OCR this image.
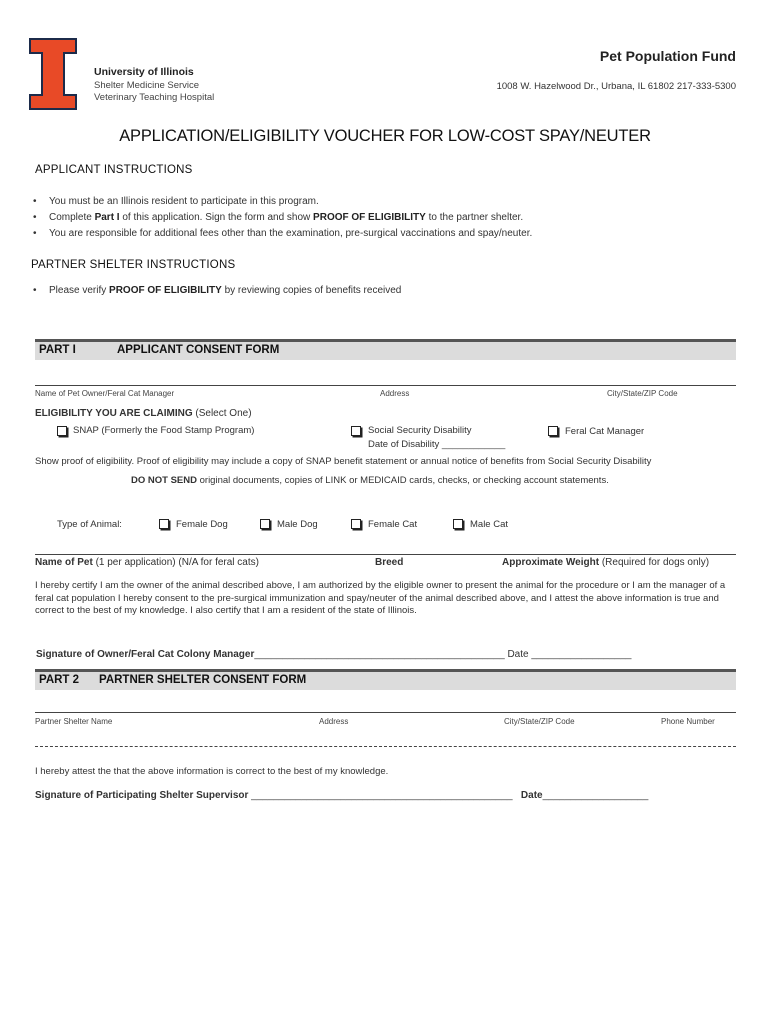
University of Illinois
Shelter Medicine Service
Veterinary Teaching Hospital
Pet Population Fund
1008 W. Hazelwood Dr., Urbana, IL 61802 217-333-5300
APPLICATION/ELIGIBILITY VOUCHER FOR LOW-COST SPAY/NEUTER
APPLICANT INSTRUCTIONS
• You must be an Illinois resident to participate in this program.
• Complete Part I of this application. Sign the form and show PROOF OF ELIGIBILITY to the partner shelter.
• You are responsible for additional fees other than the examination, pre-surgical vaccinations and spay/neuter.
PARTNER SHELTER INSTRUCTIONS
• Please verify PROOF OF ELIGIBILITY by reviewing copies of benefits received
PART I	APPLICANT CONSENT FORM
Name of Pet Owner/Feral Cat Manager	Address	City/State/ZIP Code
ELIGIBILITY YOU ARE CLAIMING (Select One)
SNAP (Formerly the Food Stamp Program)	Social Security Disability
Date of Disability ____________
Feral Cat Manager
Show proof of eligibility. Proof of eligibility may include a copy of SNAP benefit statement or annual notice of benefits from Social Security Disability
DO NOT SEND original documents, copies of LINK or MEDICAID cards, checks, or checking account statements.
Type of Animal:	Female Dog	Male Dog	Female Cat	Male Cat
Name of Pet (1 per application) (N/A for feral cats)	Breed	Approximate Weight (Required for dogs only)
I hereby certify I am the owner of the animal described above, I am authorized by the eligible owner to present the animal for the procedure or I am the manager of a feral cat population I hereby consent to the pre-surgical immunization and spay/neuter of the animal described above, and I attest the above information is true and correct to the best of my knowledge. I also certify that I am a resident of the state of Illinois.
Signature of Owner/Feral Cat Colony Manager_____________________________________________ Date __________________
PART 2 PARTNER SHELTER CONSENT FORM
Partner Shelter Name	Address	City/State/ZIP Code	Phone Number
I hereby attest the that the above information is correct to the best of my knowledge.
Signature of Participating Shelter Supervisor _______________________________________________ Date___________________
